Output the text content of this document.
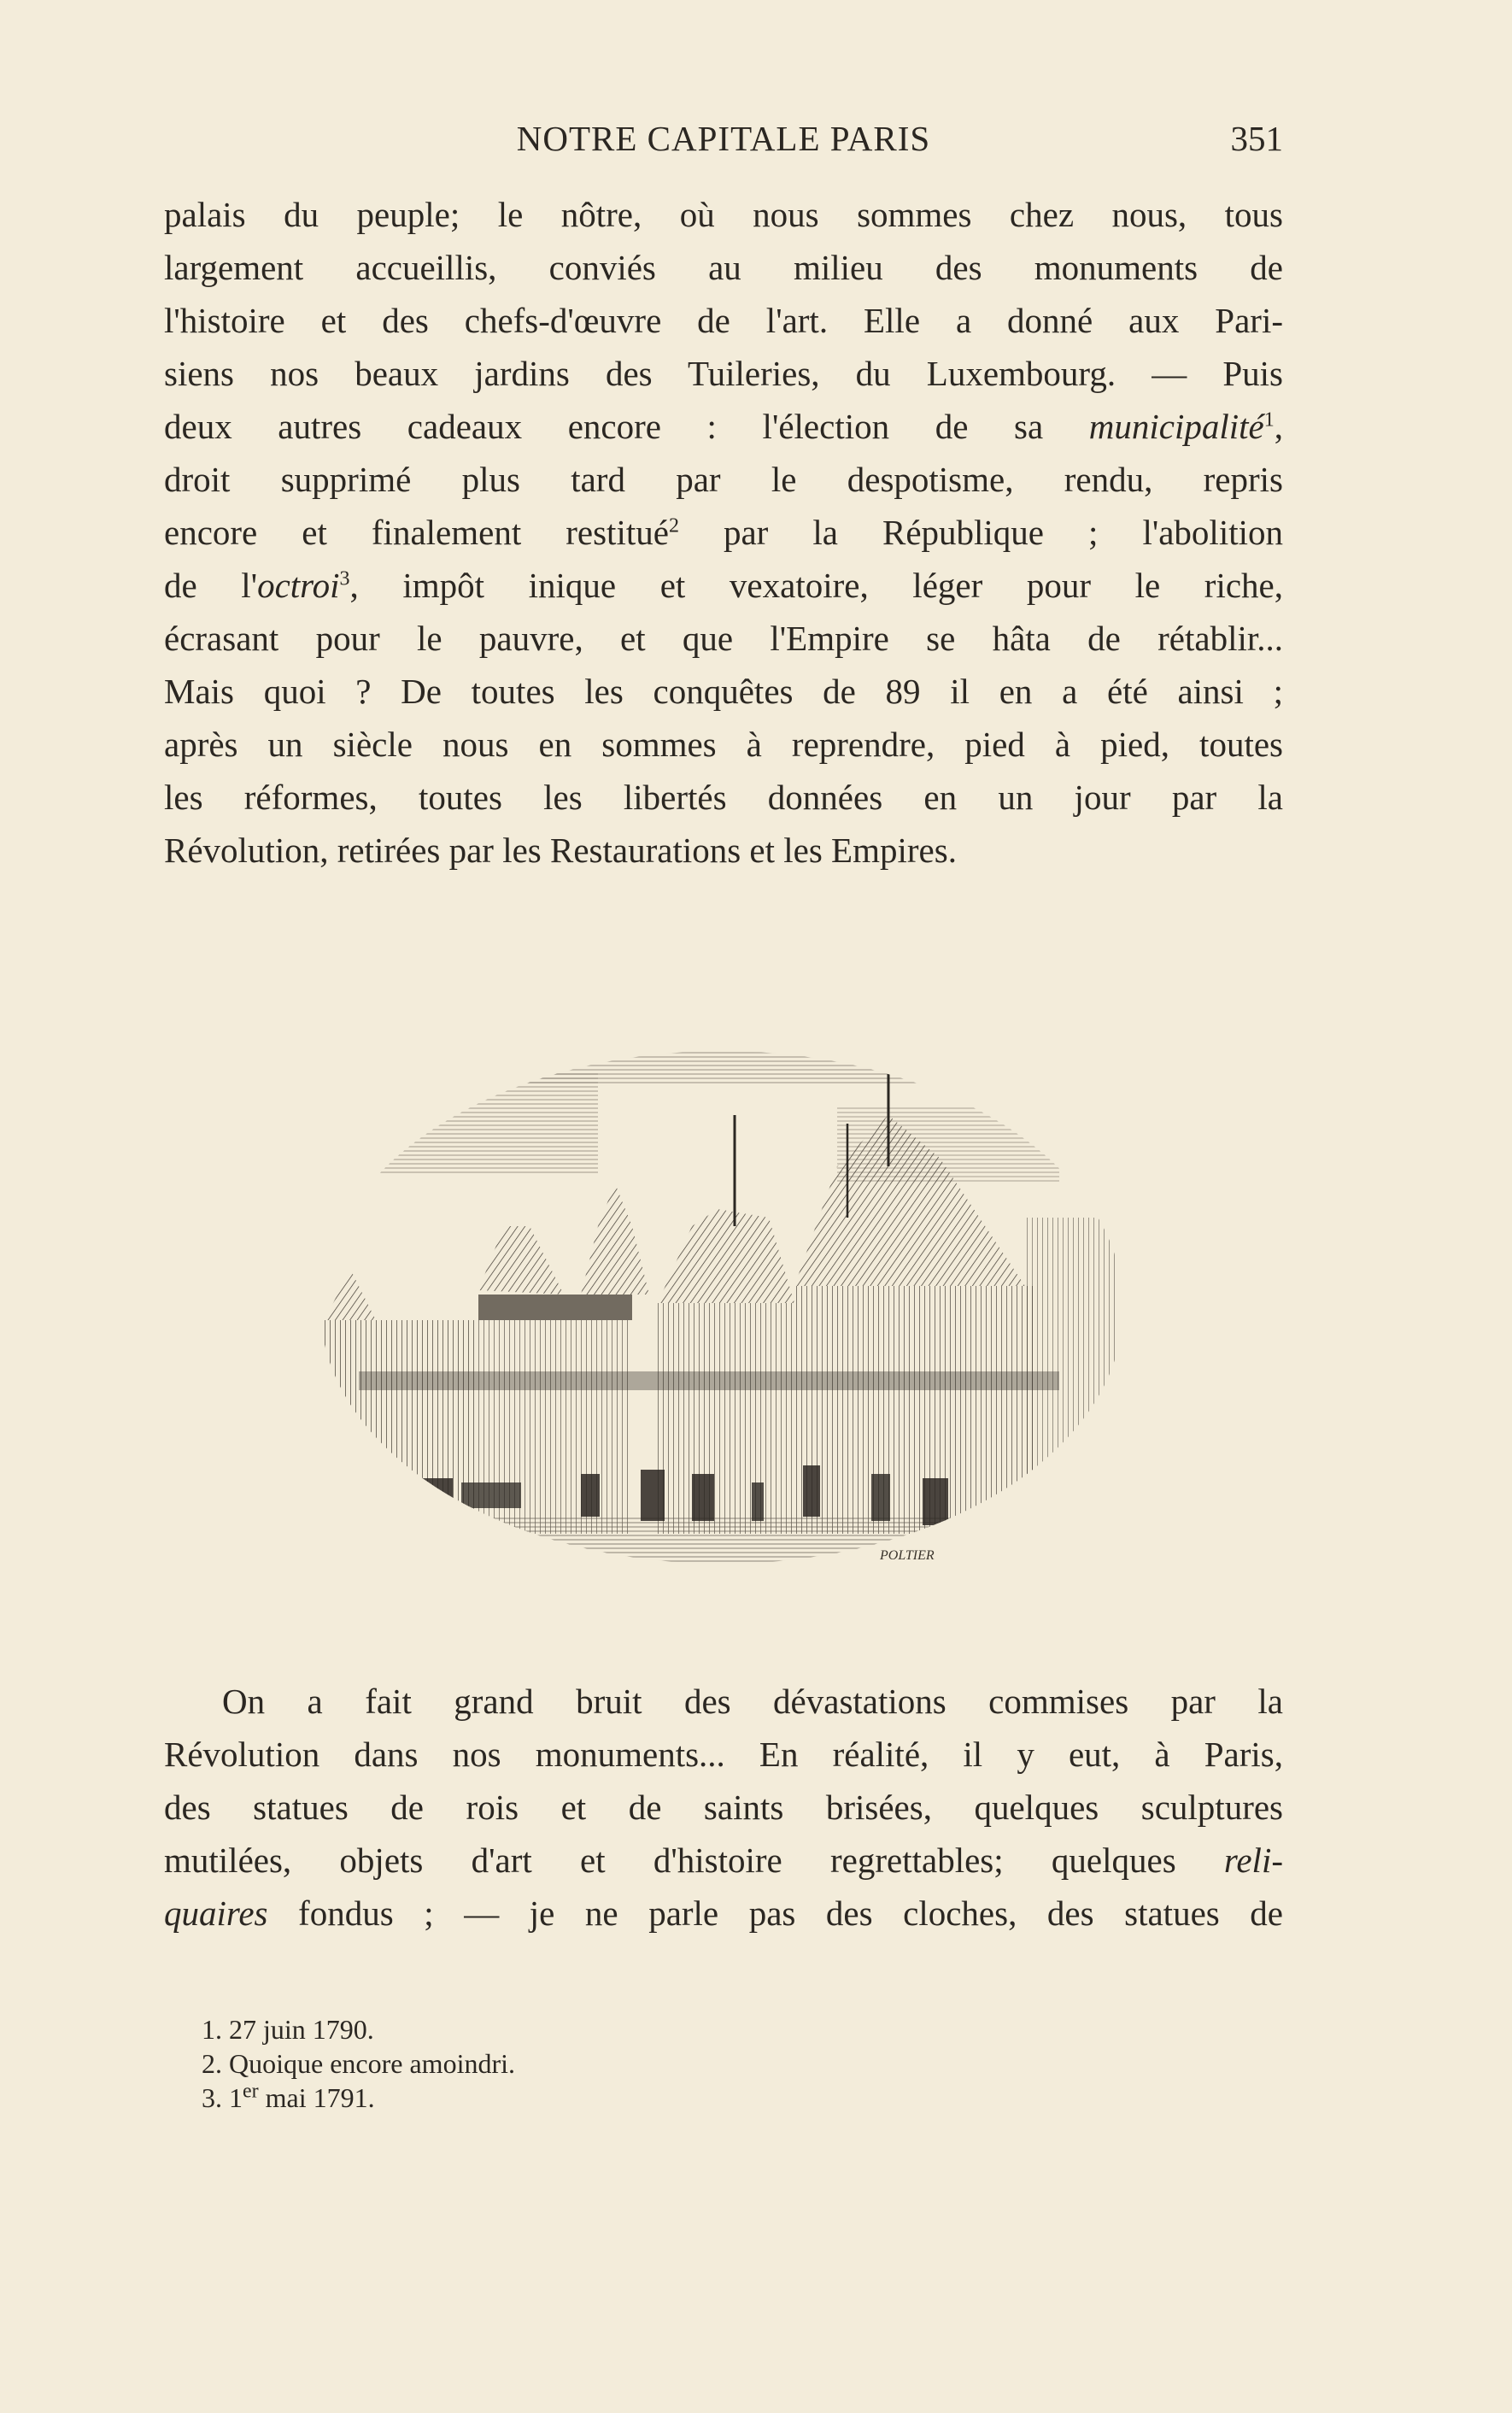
NOTRE CAPITALE PARIS	351
palais du peuple; le nôtre, où nous sommes chez nous, tous
largement accueillis, conviés au milieu des monuments de
l'histoire et des chefs-d'œuvre de l'art. Elle a donné aux Pari-
siens nos beaux jardins des Tuileries, du Luxembourg. — Puis
deux autres cadeaux encore : l'élection de sa municipalité$^1$,
droit supprimé plus tard par le despotisme, rendu, repris
encore et finalement restitué$^2$ par la République ; l'abolition
de l'octroi$^3$, impôt inique et vexatoire, léger pour le riche,
écrasant pour le pauvre, et que l'Empire se hâta de rétablir...
Mais quoi ? De toutes les conquêtes de 89 il en a été ainsi ;
après un siècle nous en sommes à reprendre, pied à pied, toutes
les réformes, toutes les libertés données en un jour par la
Révolution, retirées par les Restaurations et les Empires.
POLTIER
On a fait grand bruit des dévastations commises par la
Révolution dans nos monuments... En réalité, il y eut, à Paris,
des statues de rois et de saints brisées, quelques sculptures
mutilées, objets d'art et d'histoire regrettables; quelques reli-
quaires fondus ; — je ne parle pas des cloches, des statues de
1. 27 juin 1790.
2. Quoique encore amoindri.
3. 1er mai 1791.
